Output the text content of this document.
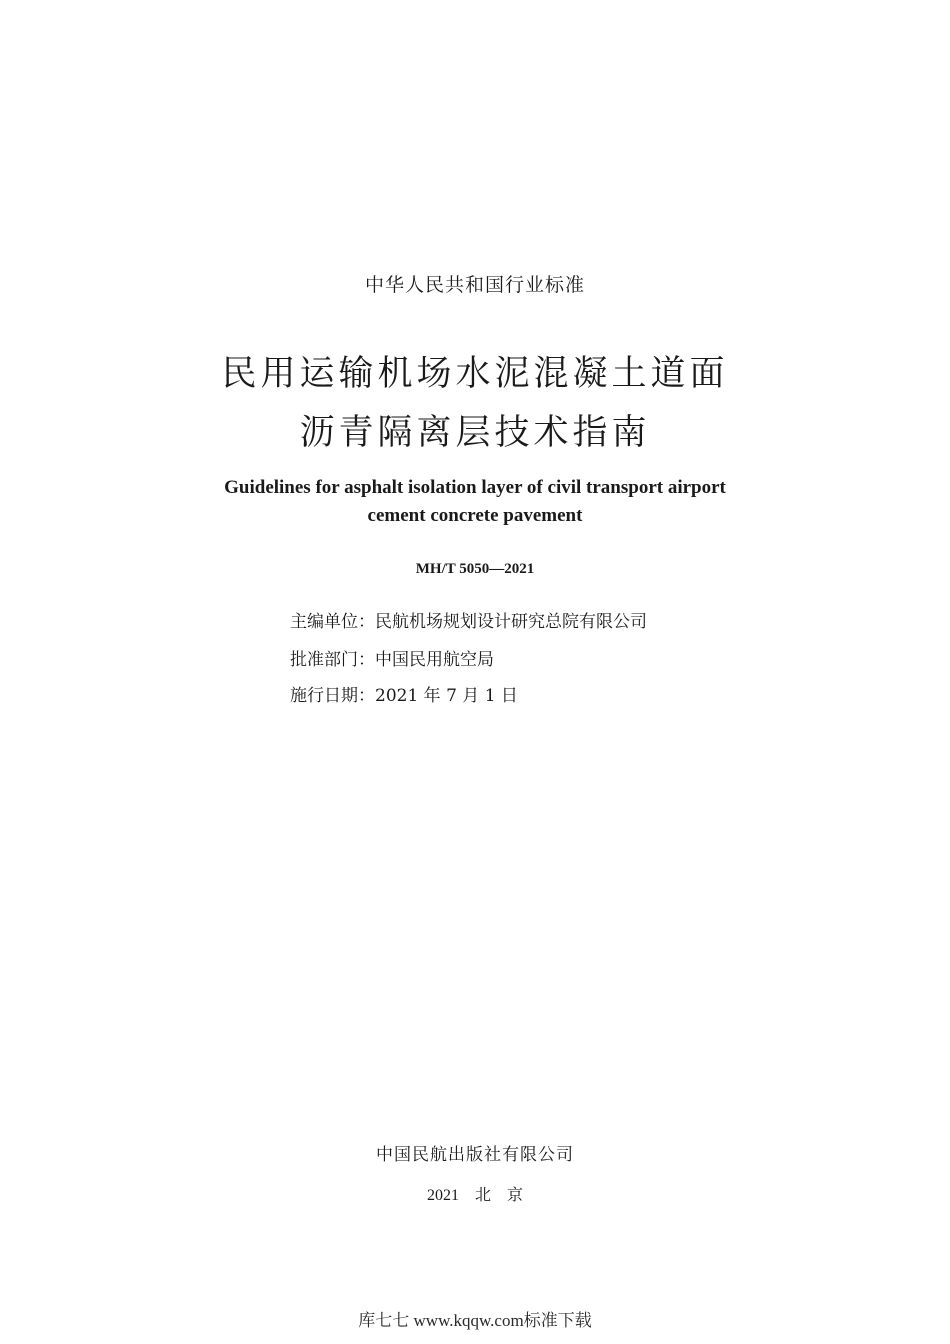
中华人民共和国行业标准
民用运输机场水泥混凝土道面
沥青隔离层技术指南
Guidelines for asphalt isolation layer of civil transport airport
cement concrete pavement
MH/T 5050—2021
主编单位：民航机场规划设计研究总院有限公司
批准部门：中国民用航空局
施行日期：2021 年 7 月 1 日
中国民航出版社有限公司
2021　北　京
库七七 www.kqqw.com标准下载
